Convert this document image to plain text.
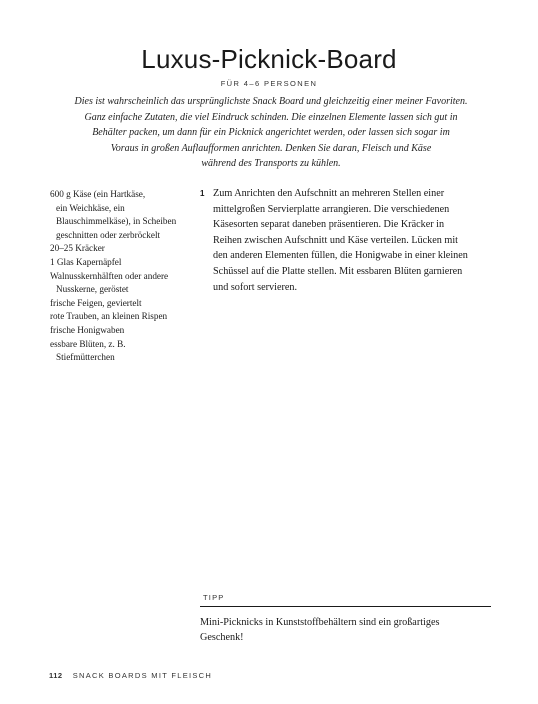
Luxus-Picknick-Board
FÜR 4–6 PERSONEN
Dies ist wahrscheinlich das ursprünglichste Snack Board und gleichzeitig einer meiner Favoriten.
Ganz einfache Zutaten, die viel Eindruck schinden. Die einzelnen Elemente lassen sich gut in
Behälter packen, um dann für ein Picknick angerichtet werden, oder lassen sich sogar im
Voraus in großen Auflaufformen anrichten. Denken Sie daran, Fleisch und Käse
während des Transports zu kühlen.
600 g Käse (ein Hartkäse,
ein Weichkäse, ein
Blauschimmelkäse), in Scheiben
geschnitten oder zerbröckelt
20–25 Kräcker
1 Glas Kapernäpfel
Walnusskernhälften oder andere
Nusskerne, geröstet
frische Feigen, geviertelt
rote Trauben, an kleinen Rispen
frische Honigwaben
essbare Blüten, z. B.
Stiefmütterchen
1 Zum Anrichten den Aufschnitt an mehreren Stellen einer
mittelgroßen Servierplatte arrangieren. Die verschiedenen
Käsesorten separat daneben präsentieren. Die Kräcker in
Reihen zwischen Aufschnitt und Käse verteilen. Lücken mit
den anderen Elementen füllen, die Honigwabe in einer kleinen
Schüssel auf die Platte stellen. Mit essbaren Blüten garnieren
und sofort servieren.
TIPP
Mini-Picknicks in Kunststoffbehältern sind ein großartiges
Geschenk!
112 SNACK BOARDS MIT FLEISCH
